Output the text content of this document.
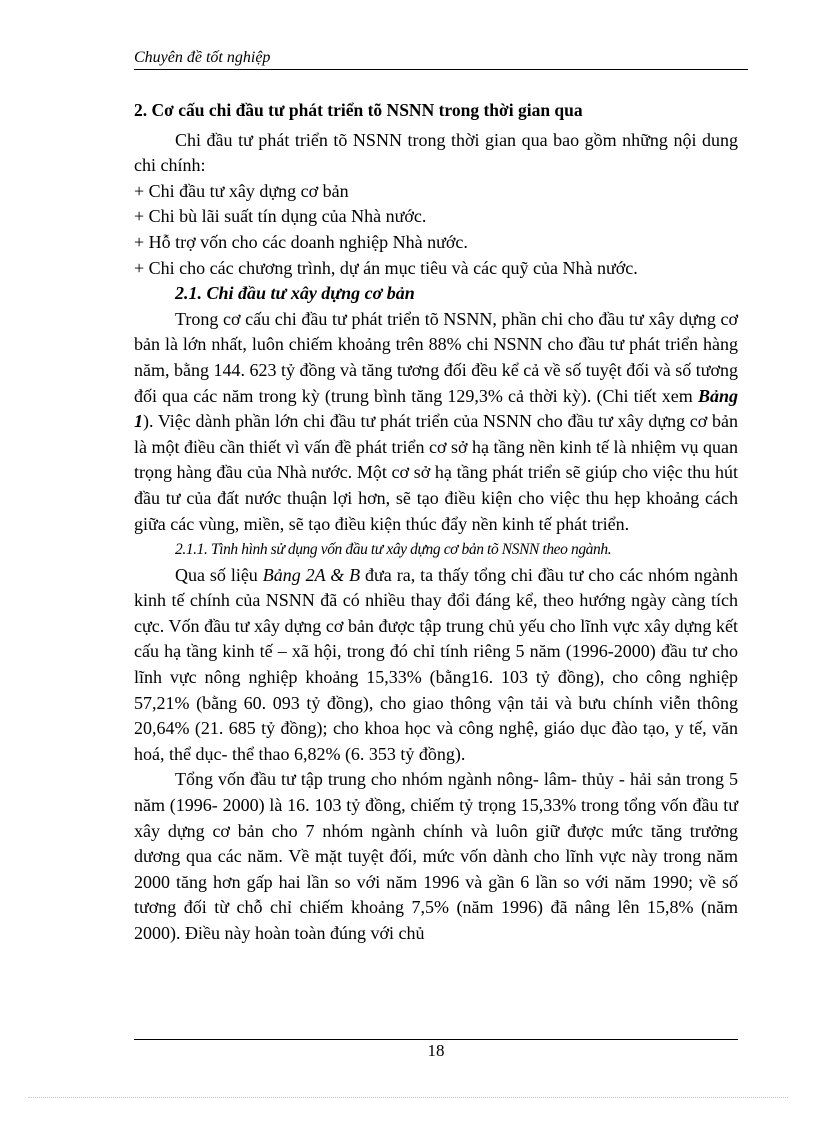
Chuyên đề tốt nghiệp

2. Cơ cấu chi đầu tư phát triển tõ NSNN trong thời gian qua

Chi đầu tư phát triển tõ NSNN trong thời gian qua bao gồm những nội dung chi chính:

+ Chi đầu tư xây dựng cơ bản

+ Chi bù lãi suất tín dụng của Nhà nước.

+ Hỗ trợ vốn cho các doanh nghiệp Nhà nước.

+ Chi cho các chương trình, dự án mục tiêu và các quỹ của Nhà nước.

2.1. Chi đầu tư xây dựng cơ bản

Trong cơ cấu chi đầu tư phát triển tõ NSNN, phần chi cho đầu tư xây dựng cơ bản là lớn nhất, luôn chiếm khoảng trên 88% chi NSNN cho đầu tư phát triển hàng năm, bằng 144. 623 tỷ đồng và tăng tương đối đều kể cả về số tuyệt đối và số tương đối qua các năm trong kỳ (trung bình tăng 129,3% cả thời kỳ). (Chi tiết xem Bảng 1). Việc dành phần lớn chi đầu tư phát triển của NSNN cho đầu tư xây dựng cơ bản là một điều cần thiết vì vấn đề phát triển cơ sở hạ tầng nền kinh tế là nhiệm vụ quan trọng hàng đầu của Nhà nước. Một cơ sở hạ tầng phát triển sẽ giúp cho việc thu hút đầu tư của đất nước thuận lợi hơn, sẽ tạo điều kiện cho việc thu hẹp khoảng cách giữa các vùng, miền, sẽ tạo điều kiện thúc đẩy nền kinh tế phát triển.

2.1.1. Tình hình sử dụng vốn đầu tư xây dựng cơ bản tõ NSNN theo ngành.

Qua số liệu Bảng 2A & B đưa ra, ta thấy tổng chi đầu tư cho các nhóm ngành kinh tế chính của NSNN đã có nhiều thay đổi đáng kể, theo hướng ngày càng tích cực. Vốn đầu tư xây dựng cơ bản được tập trung chủ yếu cho lĩnh vực xây dựng kết cấu hạ tầng kinh tế – xã hội, trong đó chỉ tính riêng 5 năm (1996-2000) đầu tư cho lĩnh vực nông nghiệp khoảng 15,33% (bằng16. 103 tỷ đồng), cho công nghiệp 57,21% (bằng 60. 093 tỷ đồng), cho giao thông vận tải và bưu chính viễn thông 20,64% (21. 685 tỷ đồng); cho khoa học và công nghệ, giáo dục đào tạo, y tế, văn hoá, thể dục- thể thao 6,82% (6. 353 tỷ đồng).

Tổng vốn đầu tư tập trung cho nhóm ngành nông- lâm- thủy - hải sản trong 5 năm (1996- 2000) là 16. 103 tỷ đồng, chiếm tỷ trọng 15,33% trong tổng vốn đầu tư xây dựng cơ bản cho 7 nhóm ngành chính và luôn giữ được mức tăng trưởng dương qua các năm. Về mặt tuyệt đối, mức vốn dành cho lĩnh vực này trong năm 2000 tăng hơn gấp hai lần so với năm 1996 và gần 6 lần so với năm 1990; về số tương đối từ chỗ chỉ chiếm khoảng 7,5% (năm 1996) đã nâng lên 15,8% (năm 2000). Điều này hoàn toàn đúng với chủ

18
